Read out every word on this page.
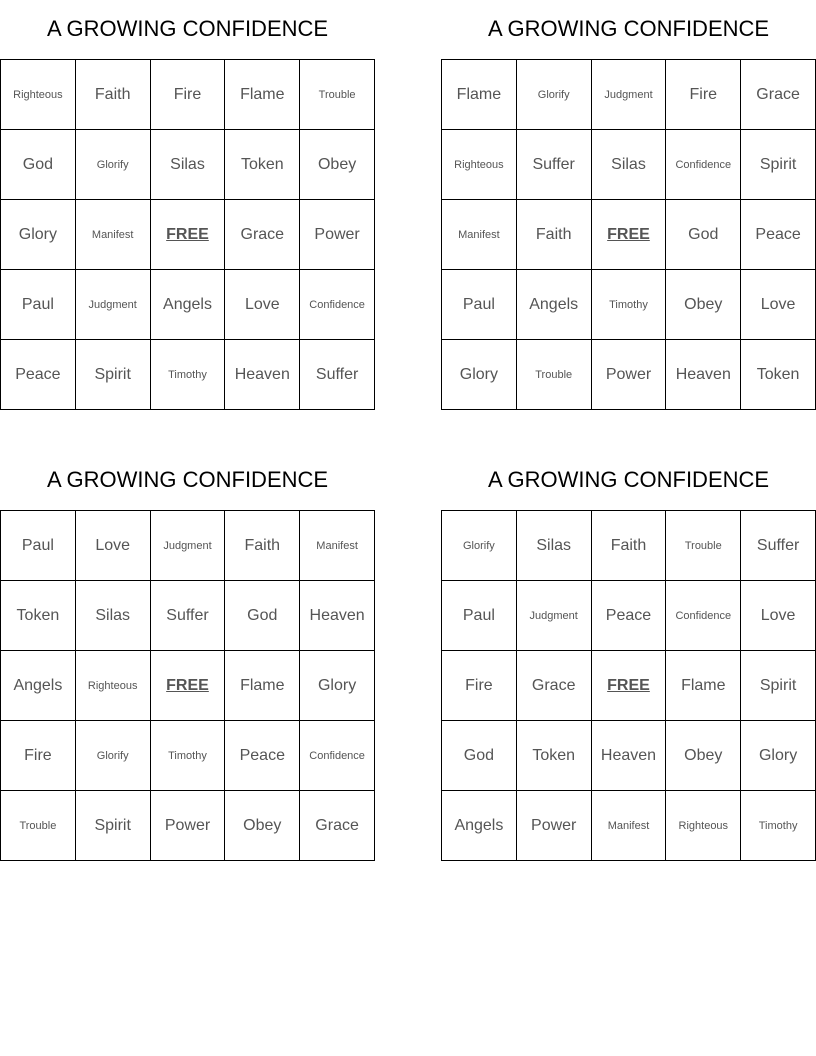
A GROWING CONFIDENCE
Righteous	Faith	Fire	Flame	Trouble
God	Glorify	Silas	Token	Obey
Glory	Manifest	FREE	Grace	Power
Paul	Judgment	Angels	Love	Confidence
Peace	Spirit	Timothy	Heaven	Suffer
A GROWING CONFIDENCE
Flame	Glorify	Judgment	Fire	Grace
Righteous	Suffer	Silas	Confidence	Spirit
Manifest	Faith	FREE	God	Peace
Paul	Angels	Timothy	Obey	Love
Glory	Trouble	Power	Heaven	Token
A GROWING CONFIDENCE
Paul	Love	Judgment	Faith	Manifest
Token	Silas	Suffer	God	Heaven
Angels	Righteous	FREE	Flame	Glory
Fire	Glorify	Timothy	Peace	Confidence
Trouble	Spirit	Power	Obey	Grace
A GROWING CONFIDENCE
Glorify	Silas	Faith	Trouble	Suffer
Paul	Judgment	Peace	Confidence	Love
Fire	Grace	FREE	Flame	Spirit
God	Token	Heaven	Obey	Glory
Angels	Power	Manifest	Righteous	Timothy
